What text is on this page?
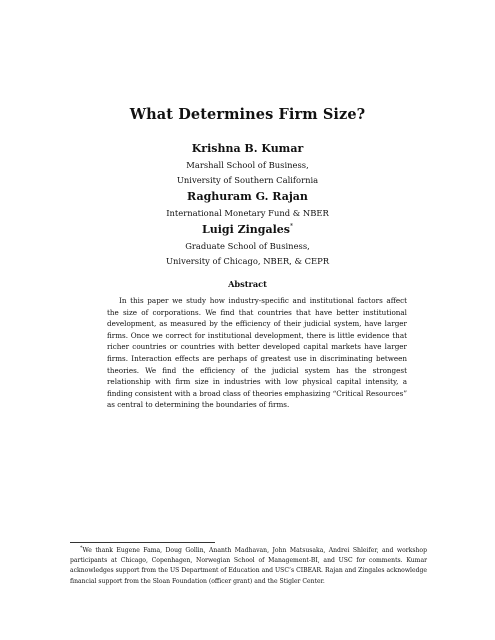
What Determines Firm Size?
Krishna B. Kumar
Marshall School of Business,
University of Southern California
Raghuram G. Rajan
International Monetary Fund & NBER
Luigi Zingales*
Graduate School of Business,
University of Chicago, NBER, & CEPR
Abstract
In this paper we study how industry-specific and institutional factors affect the size of corporations. We find that countries that have better institutional development, as measured by the efficiency of their judicial system, have larger firms. Once we correct for institutional development, there is little evidence that richer countries or countries with better developed capital markets have larger firms. Interaction effects are perhaps of greatest use in discriminating between theories. We find the efficiency of the judicial system has the strongest relationship with firm size in industries with low physical capital intensity, a finding consistent with a broad class of theories emphasizing “Critical Resources” as central to determining the boundaries of firms.
*We thank Eugene Fama, Doug Gollin, Ananth Madhavan, John Matsusaka, Andrei Shleifer, and workshop participants at Chicago, Copenhagen, Norwegian School of Management-BI, and USC for comments. Kumar acknowledges support from the US Department of Education and USC’s CIBEAR. Rajan and Zingales acknowledge financial support from the Sloan Foundation (officer grant) and the Stigler Center.
